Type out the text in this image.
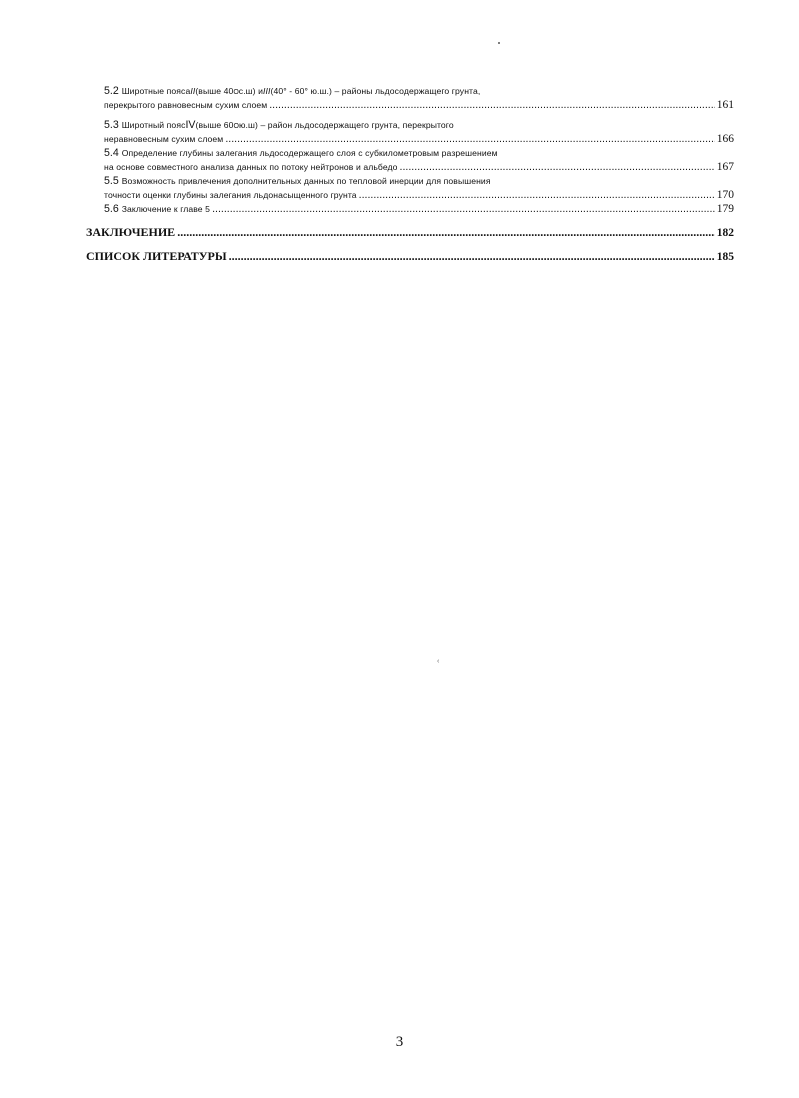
5.2
Широтные пояса II (выше 40 О с.ш) и III (40° - 60° ю.ш.) – районы льдосодержащего грунта,
перекрытого равновесным сухим слоем .....	161
5.3
Широтный пояс IV (выше 60 О ю.ш) – район льдосодержащего грунта, перекрытого
неравновесным сухим слоем .....	166
5.4
Определение глубины залегания льдосодержащего слоя с субкилометровым разрешением
на основе совместного анализа данных по потоку нейтронов и альбедо .....	167
5.5
Возможность привлечения дополнительных данных по тепловой инерции для повышения
точности оценки глубины залегания льдонасыщенного грунта .....	170
5.6
Заключение к главе 5 .....	179
ЗАКЛЮЧЕНИЕ .....	182
СПИСОК ЛИТЕРАТУРЫ .....	185
‹
3
